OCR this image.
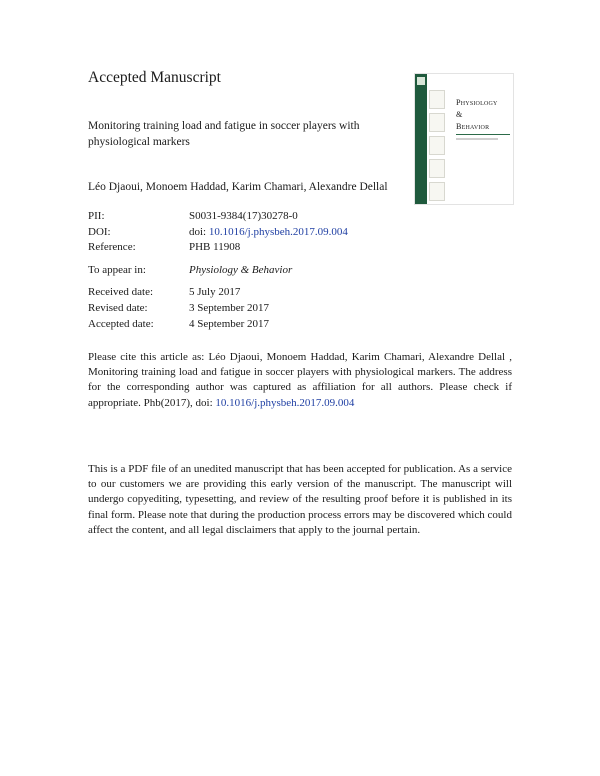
Accepted Manuscript
Physiology
&
Behavior
Monitoring training load and fatigue in soccer players with physiological markers
Léo Djaoui, Monoem Haddad, Karim Chamari, Alexandre Dellal
PII:	S0031-9384(17)30278-0
DOI:	doi: 10.1016/j.physbeh.2017.09.004
Reference:	PHB 11908
To appear in:	Physiology & Behavior
Received date:	5 July 2017
Revised date:	3 September 2017
Accepted date:	4 September 2017
Please cite this article as: Léo Djaoui, Monoem Haddad, Karim Chamari, Alexandre Dellal , Monitoring training load and fatigue in soccer players with physiological markers. The address for the corresponding author was captured as affiliation for all authors. Please check if appropriate. Phb(2017), doi: 10.1016/j.physbeh.2017.09.004
This is a PDF file of an unedited manuscript that has been accepted for publication. As a service to our customers we are providing this early version of the manuscript. The manuscript will undergo copyediting, typesetting, and review of the resulting proof before it is published in its final form. Please note that during the production process errors may be discovered which could affect the content, and all legal disclaimers that apply to the journal pertain.
